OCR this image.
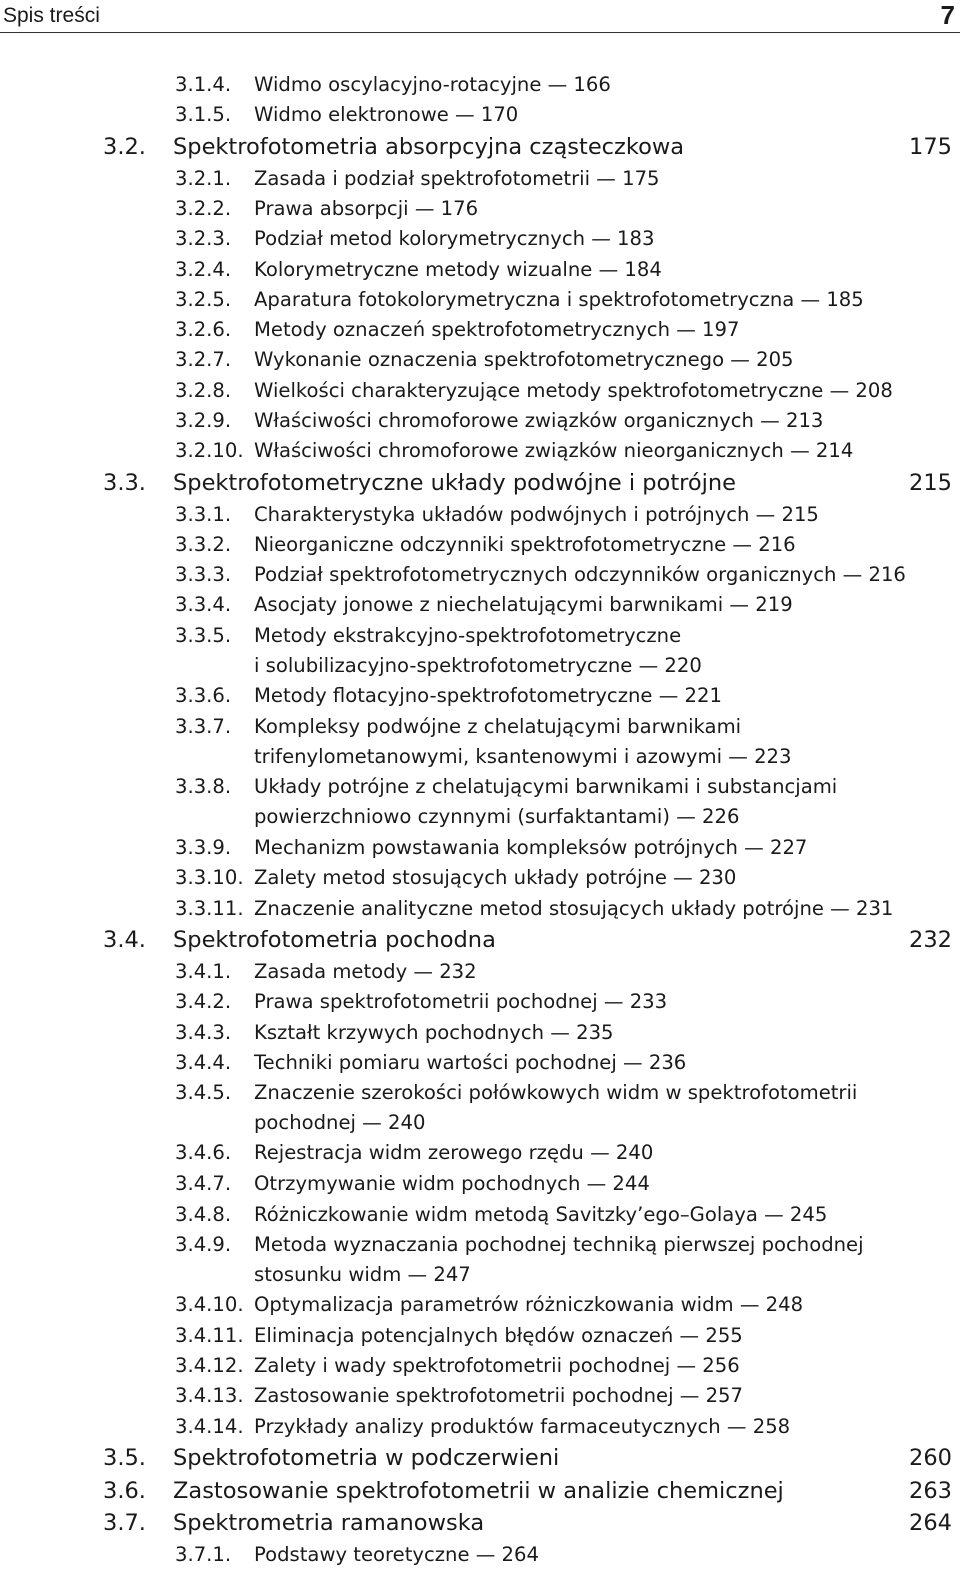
Spis treści	7
3.1.4. Widmo oscylacyjno-rotacyjne — 166
3.1.5. Widmo elektronowe — 170
3.2. Spektrofotometria absorpcyjna cząsteczkowa	175
3.2.1. Zasada i podział spektrofotometrii — 175
3.2.2. Prawa absorpcji — 176
3.2.3. Podział metod kolorymetrycznych — 183
3.2.4. Kolorymetryczne metody wizualne — 184
3.2.5. Aparatura fotokolorymetryczna i spektrofotometryczna — 185
3.2.6. Metody oznaczeń spektrofotometrycznych — 197
3.2.7. Wykonanie oznaczenia spektrofotometrycznego — 205
3.2.8. Wielkości charakteryzujące metody spektrofotometryczne — 208
3.2.9. Właściwości chromoforowe związków organicznych — 213
3.2.10. Właściwości chromoforowe związków nieorganicznych — 214
3.3. Spektrofotometryczne układy podwójne i potrójne	215
3.3.1. Charakterystyka układów podwójnych i potrójnych — 215
3.3.2. Nieorganiczne odczynniki spektrofotometryczne — 216
3.3.3. Podział spektrofotometrycznych odczynników organicznych — 216
3.3.4. Asocjaty jonowe z niechelatującymi barwnikami — 219
3.3.5. Metody ekstrakcyjno-spektrofotometryczne
i solubilizacyjno-spektrofotometryczne — 220
3.3.6. Metody flotacyjno-spektrofotometryczne — 221
3.3.7. Kompleksy podwójne z chelatującymi barwnikami
trifenylometanowymi, ksantenowymi i azowymi — 223
3.3.8. Układy potrójne z chelatującymi barwnikami i substancjami
powierzchniowo czynnymi (surfaktantami) — 226
3.3.9. Mechanizm powstawania kompleksów potrójnych — 227
3.3.10. Zalety metod stosujących układy potrójne — 230
3.3.11. Znaczenie analityczne metod stosujących układy potrójne — 231
3.4. Spektrofotometria pochodna	232
3.4.1. Zasada metody — 232
3.4.2. Prawa spektrofotometrii pochodnej — 233
3.4.3. Kształt krzywych pochodnych — 235
3.4.4. Techniki pomiaru wartości pochodnej — 236
3.4.5. Znaczenie szerokości połówkowych widm w spektrofotometrii
pochodnej — 240
3.4.6. Rejestracja widm zerowego rzędu — 240
3.4.7. Otrzymywanie widm pochodnych — 244
3.4.8. Różniczkowanie widm metodą Savitzky’ego–Golaya — 245
3.4.9. Metoda wyznaczania pochodnej techniką pierwszej pochodnej
stosunku widm — 247
3.4.10. Optymalizacja parametrów różniczkowania widm — 248
3.4.11. Eliminacja potencjalnych błędów oznaczeń — 255
3.4.12. Zalety i wady spektrofotometrii pochodnej — 256
3.4.13. Zastosowanie spektrofotometrii pochodnej — 257
3.4.14. Przykłady analizy produktów farmaceutycznych — 258
3.5. Spektrofotometria w podczerwieni	260
3.6. Zastosowanie spektrofotometrii w analizie chemicznej	263
3.7. Spektrometria ramanowska	264
3.7.1. Podstawy teoretyczne — 264
